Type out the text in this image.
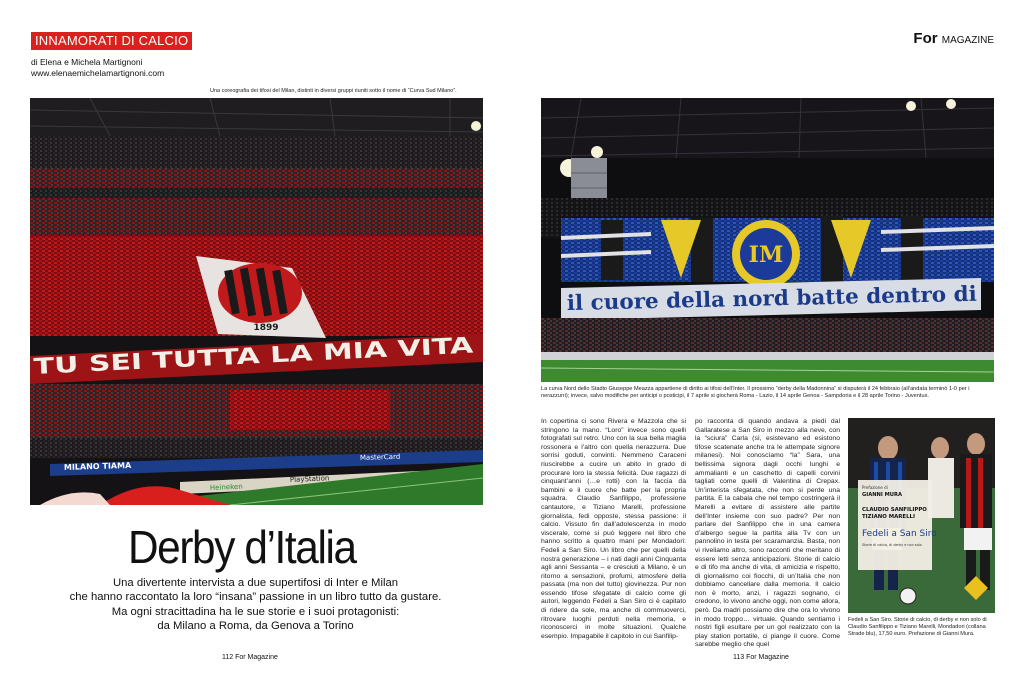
INNAMORATI DI CALCIO
di Elena e Michela Martignoni
www.elenaemichelamartignoni.com
For MAGAZINE
Una coreografia dei tifosi del Milan, distinti in diversi gruppi riuniti sotto il nome di “Curva Sud Milano”.
1899
TU SEI TUTTA LA MIA VITA
MILANO TIAMA
MasterCard
PlayStation
Heineken
IM
il cuore della nord batte dentro di
La curva Nord dello Stadio Giuseppe Meazza appartiene di diritto ai tifosi dell’Inter. Il prossimo “derby della Madonnina” si disputerà il 24 febbraio (all’andata terminò 1-0 per i nerazzurri); invece, salvo modifiche per anticipi o posticipi, il 7 aprile si giocherà Roma - Lazio, il 14 aprile Genoa - Sampdoria e il 28 aprile Torino - Juventus.
Derby d’Italia
Una divertente intervista a due supertifosi di Inter e Milan
che hanno raccontato la loro “insana” passione in un libro tutto da gustare.
Ma ogni stracittadina ha le sue storie e i suoi protagonisti:
da Milano a Roma, da Genova a Torino
In copertina ci sono Rivera e Mazzola che si stringono la mano. “Loro” invece sono quelli fotografati sul retro. Uno con la sua bella maglia rossonera e l’altro con quella nerazzurra. Due sorrisi goduti, convinti. Nemmeno Caraceni riuscirebbe a cucire un abito in grado di procurare loro la stessa felicità. Due ragazzi di cinquant’anni (…e rotti) con la faccia da bambini e il cuore che batte per la propria squadra. Claudio Sanfilippo, professione cantautore, e Tiziano Marelli, professione giornalista, fedi opposte, stessa passione: il calcio. Vissuto fin dall’adolescenza in modo viscerale, come si può leggere nel libro che hanno scritto a quattro mani per Mondadori: Fedeli a San Siro. Un libro che per quelli della nostra generazione – i nati dagli anni Cinquanta agli anni Sessanta – e cresciuti a Milano, è un ritorno a sensazioni, profumi, atmosfere della passata (ma non del tutto) giovinezza. Pur non essendo tifose sfegatate di calcio come gli autori, leggendo Fedeli a San Siro ci è capitato di ridere da sole, ma anche di commuoverci, ritrovare luoghi perduti nella memoria, e riconoscerci in molte situazioni. Qualche esempio. Impagabile il capitolo in cui Sanfilip-
po racconta di quando andava a piedi dal Gallaratese a San Siro in mezzo alla neve, con la “sciura” Carla (sì, esistevano ed esistono tifose scatenate anche tra le attempate signore milanesi). Noi conoscíamo “la” Sara, una bellissima signora dagli occhi lunghi e ammalianti e un caschetto di capelli corvini tagliati come quelli di Valentina di Crepax. Un’interista sfegatata, che non si perde una partita. E la cabala che nel tempo costringerà il Marelli a evitare di assistere alle partite dell’Inter insieme con suo padre? Per non parlare del Sanfilippo che in una camera d’albergo segue la partita alla Tv con un pannolino in testa per scaramanzia. Basta, non vi riveliamo altro, sono racconti che meritano di essere letti senza anticipazioni. Storie di calcio e di tifo ma anche di vita, di amicizia e rispetto, di giornalismo coi fiocchi, di un’Italia che non dobbiamo cancellare dalla memoria. Il calcio non è morto, anzi, i ragazzi sognano, ci credono, lo vivono anche oggi, non come allora, però. Da madri possiamo dire che ora lo vivono in modo troppo… virtuale. Quando sentiamo i nostri figli esultare per un gol realizzato con la play station portatile, ci piange il cuore. Come sarebbe meglio che quel
Prefazione di
GIANNI MURA
CLAUDIO SANFILIPPO
TIZIANO MARELLI
Fedeli a San Siro
Storie di calcio, di derby e non solo
Fedeli a San Siro. Storie di calcio, di derby e non solo di Claudio Sanfilippo e Tiziano Marelli, Mondadori (collana Strade blu), 17,50 euro. Prefazione di Gianni Mura.
112 For Magazine	113 For Magazine
